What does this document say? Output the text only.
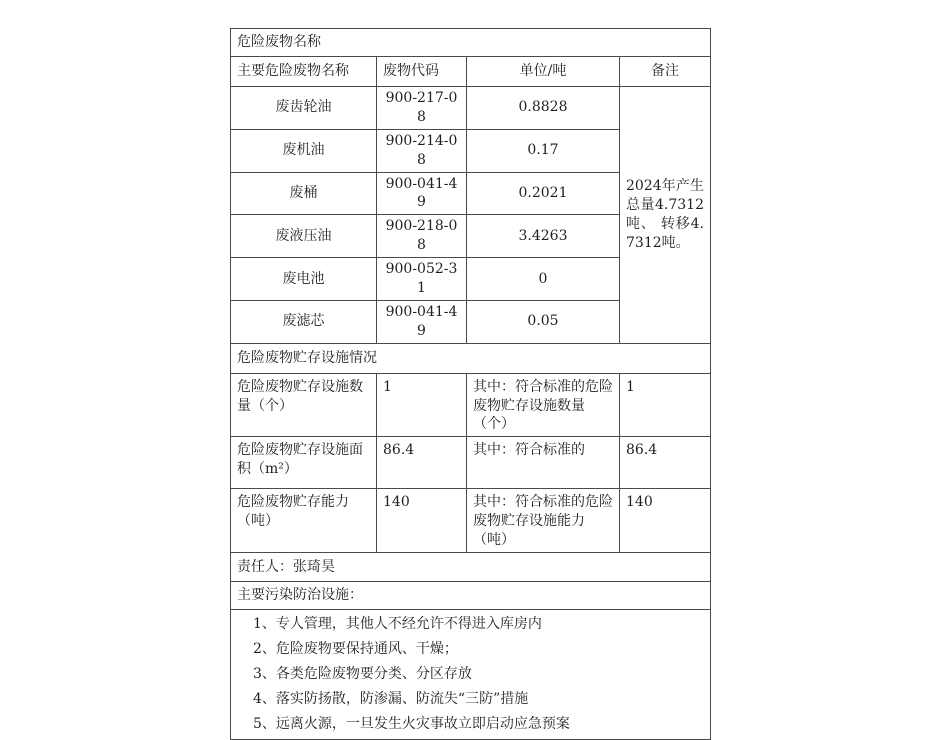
危险废物名称			
主要危险废物名称	废物代码	单位/吨	备注
废齿轮油	900-217-08	0.8828	2024年产生总量4.7312吨、 转移4.7312吨。
废机油	900-214-08	0.17	
废桶	900-041-49	0.2021	
废液压油	900-218-08	3.4263	
废电池	900-052-31	0	
废滤芯	900-041-49	0.05	
危险废物贮存设施情况			
危险废物贮存设施数量（个）	1	其中：符合标准的危险废物贮存设施数量（个）	1
危险废物贮存设施面积（m²）	86.4	其中：符合标准的	86.4
危险废物贮存能力（吨）	140	其中：符合标准的危险废物贮存设施能力（吨）	140
责任人：张琦昊			
主要污染防治设施：			

1、专人管理，其他人不经允许不得进入库房内
2、危险废物要保持通风、干燥；
3、各类危险废物要分类、分区存放
4、落实防扬散，防渗漏、防流失“三防”措施
5、远离火源，一旦发生火灾事故立即启动应急预案			
